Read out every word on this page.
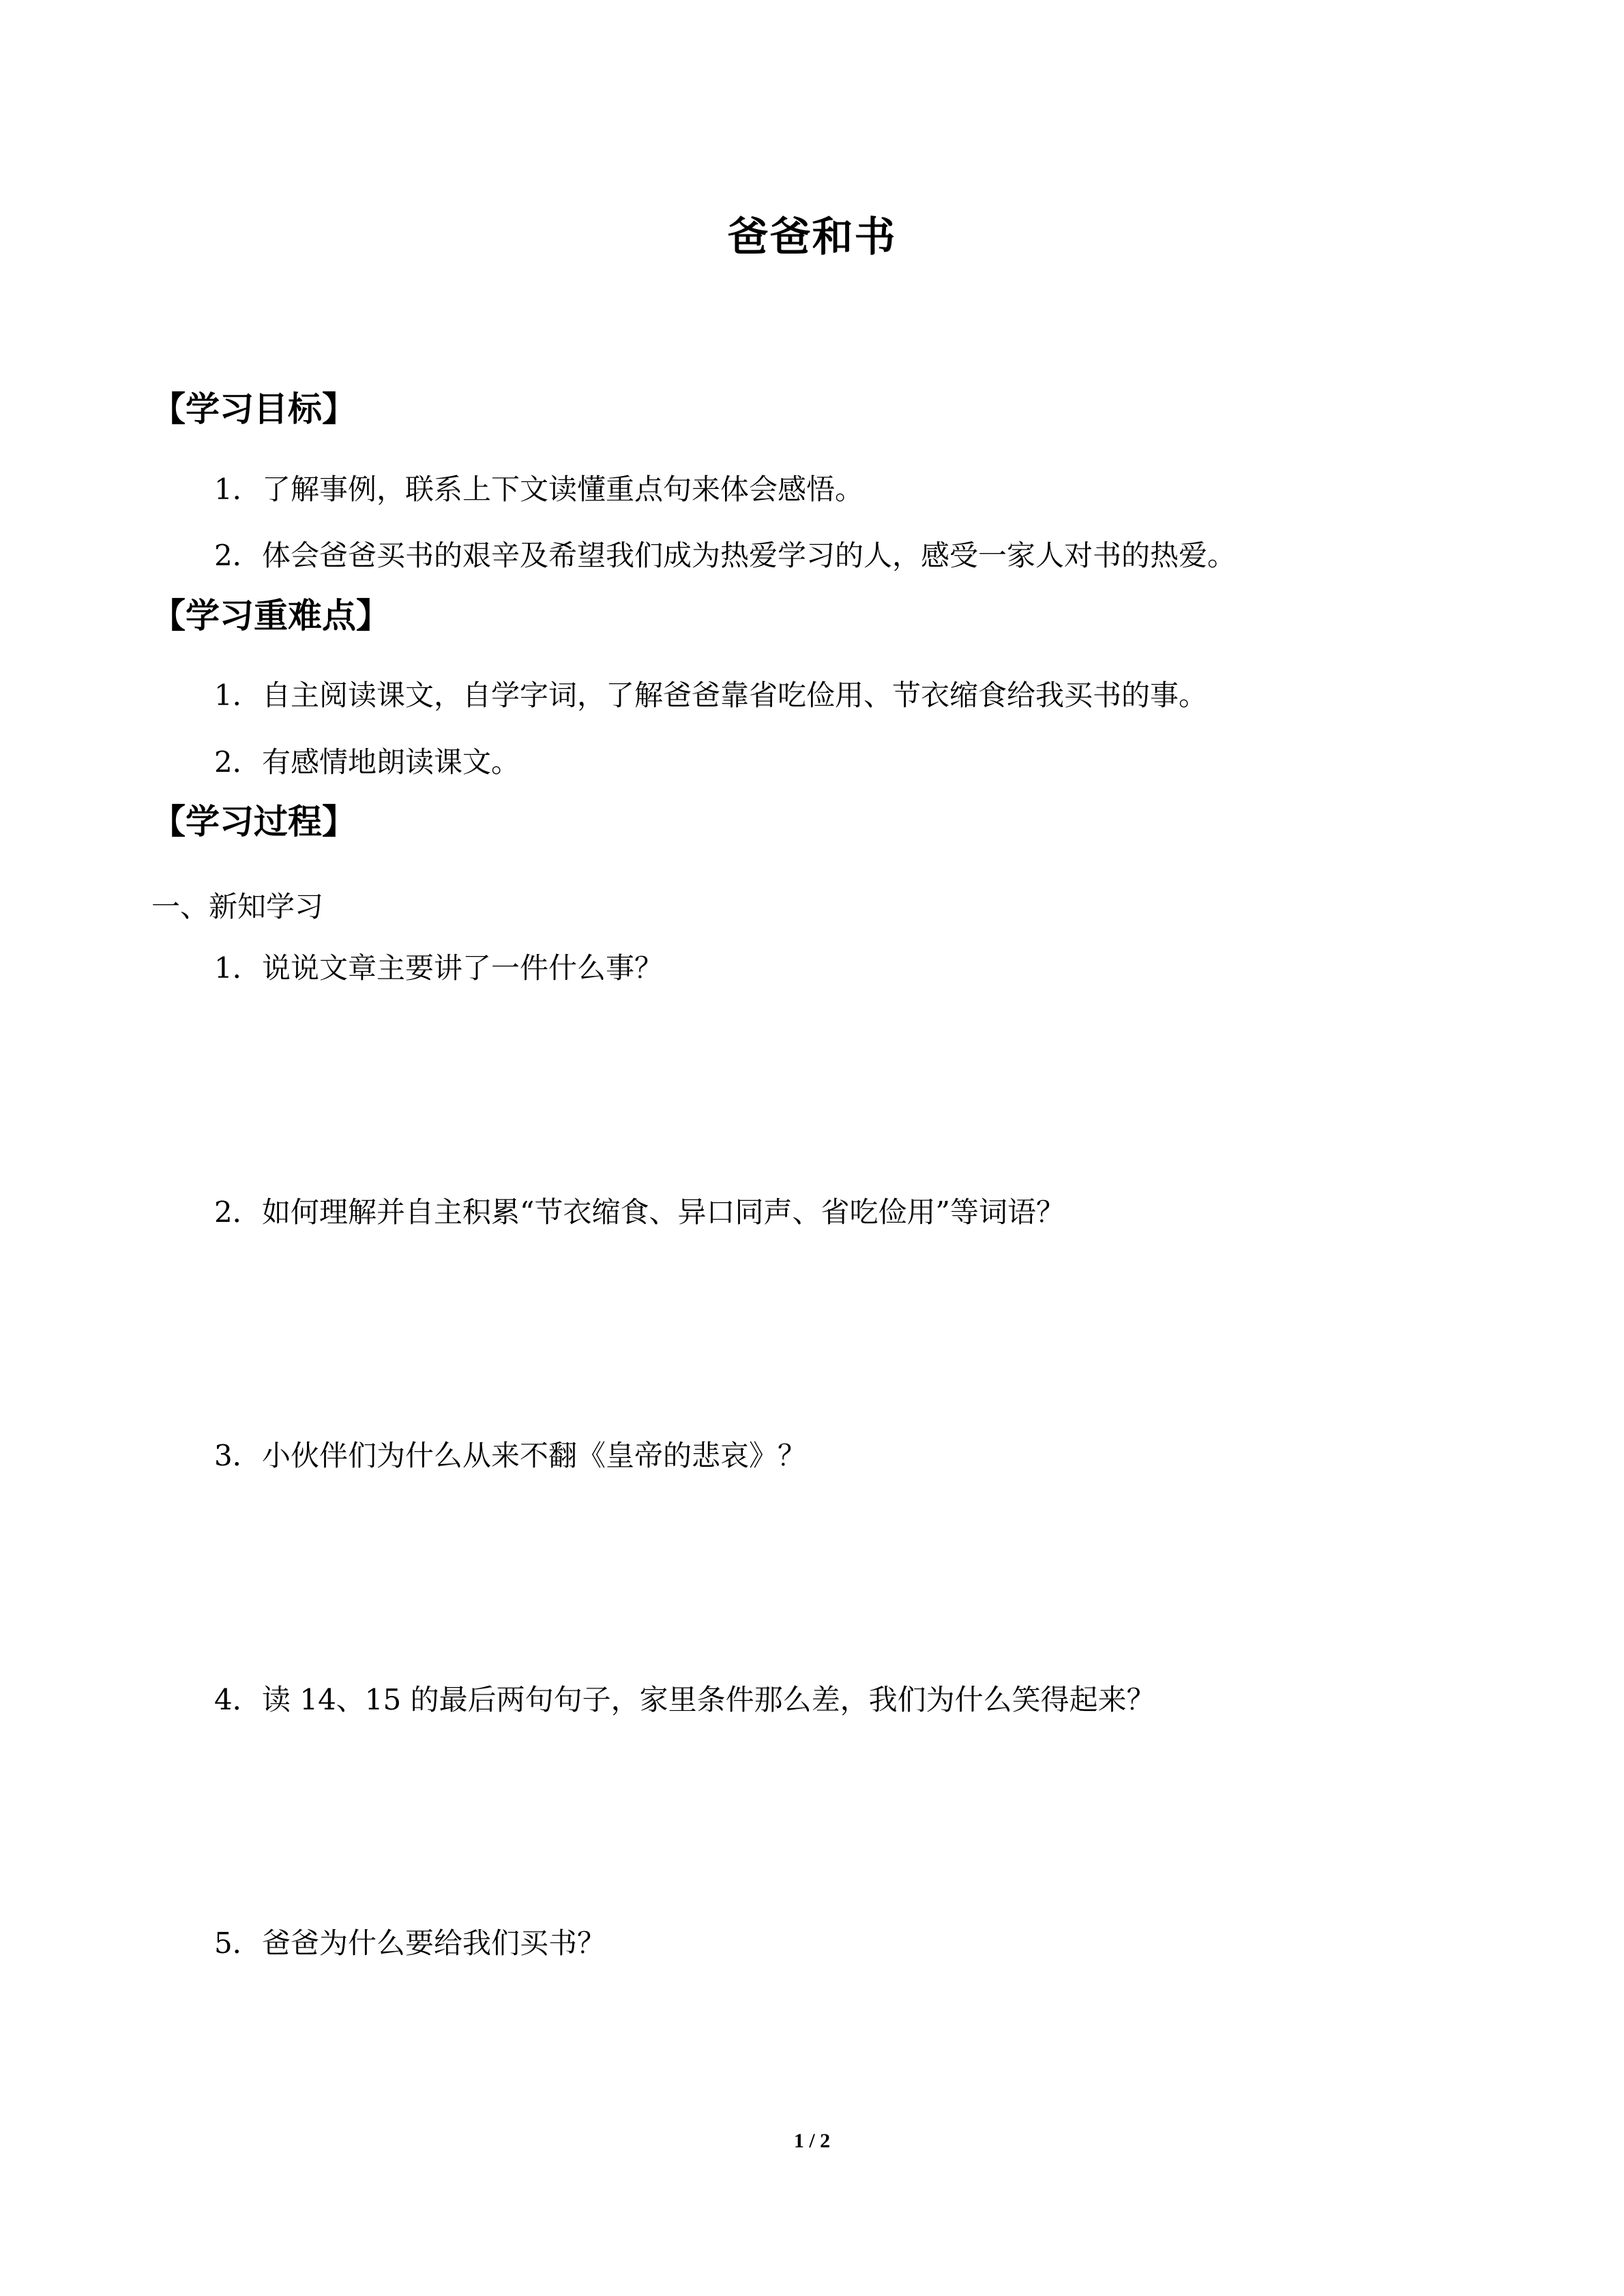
爸爸和书
【学习目标】

1．了解事例，联系上下文读懂重点句来体会感悟。

2．体会爸爸买书的艰辛及希望我们成为热爱学习的人，感受一家人对书的热爱。

【学习重难点】

1．自主阅读课文，自学字词，了解爸爸靠省吃俭用、节衣缩食给我买书的事。

2．有感情地朗读课文。

【学习过程】

一、新知学习

1．说说文章主要讲了一件什么事？

2．如何理解并自主积累“节衣缩食、异口同声、省吃俭用”等词语？

3．小伙伴们为什么从来不翻《皇帝的悲哀》？

4．读 14、15 的最后两句句子，家里条件那么差，我们为什么笑得起来？

5．爸爸为什么要给我们买书？

1 / 2
